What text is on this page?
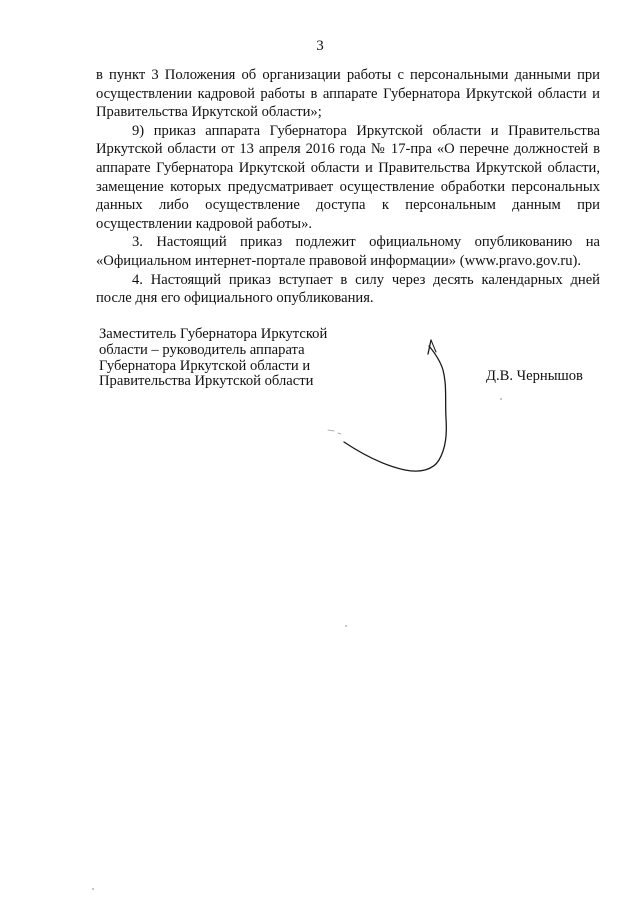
3

в пункт 3 Положения об организации работы с персональными данными при осуществлении кадровой работы в аппарате Губернатора Иркутской области и Правительства Иркутской области»;

9) приказ аппарата Губернатора Иркутской области и Правительства Иркутской области от 13 апреля 2016 года № 17-пра «О перечне должностей в аппарате Губернатора Иркутской области и Правительства Иркутской области, замещение которых предусматривает осуществление обработки персональных данных либо осуществление доступа к персональным данным при осуществлении кадровой работы».

3. Настоящий приказ подлежит официальному опубликованию на «Официальном интернет-портале правовой информации» (www.pravo.gov.ru).

4. Настоящий приказ вступает в силу через десять календарных дней после дня его официального опубликования.

Заместитель Губернатора Иркутской
области – руководитель аппарата
Губернатора Иркутской области и
Правительства Иркутской области	Д.В. Чернышов
